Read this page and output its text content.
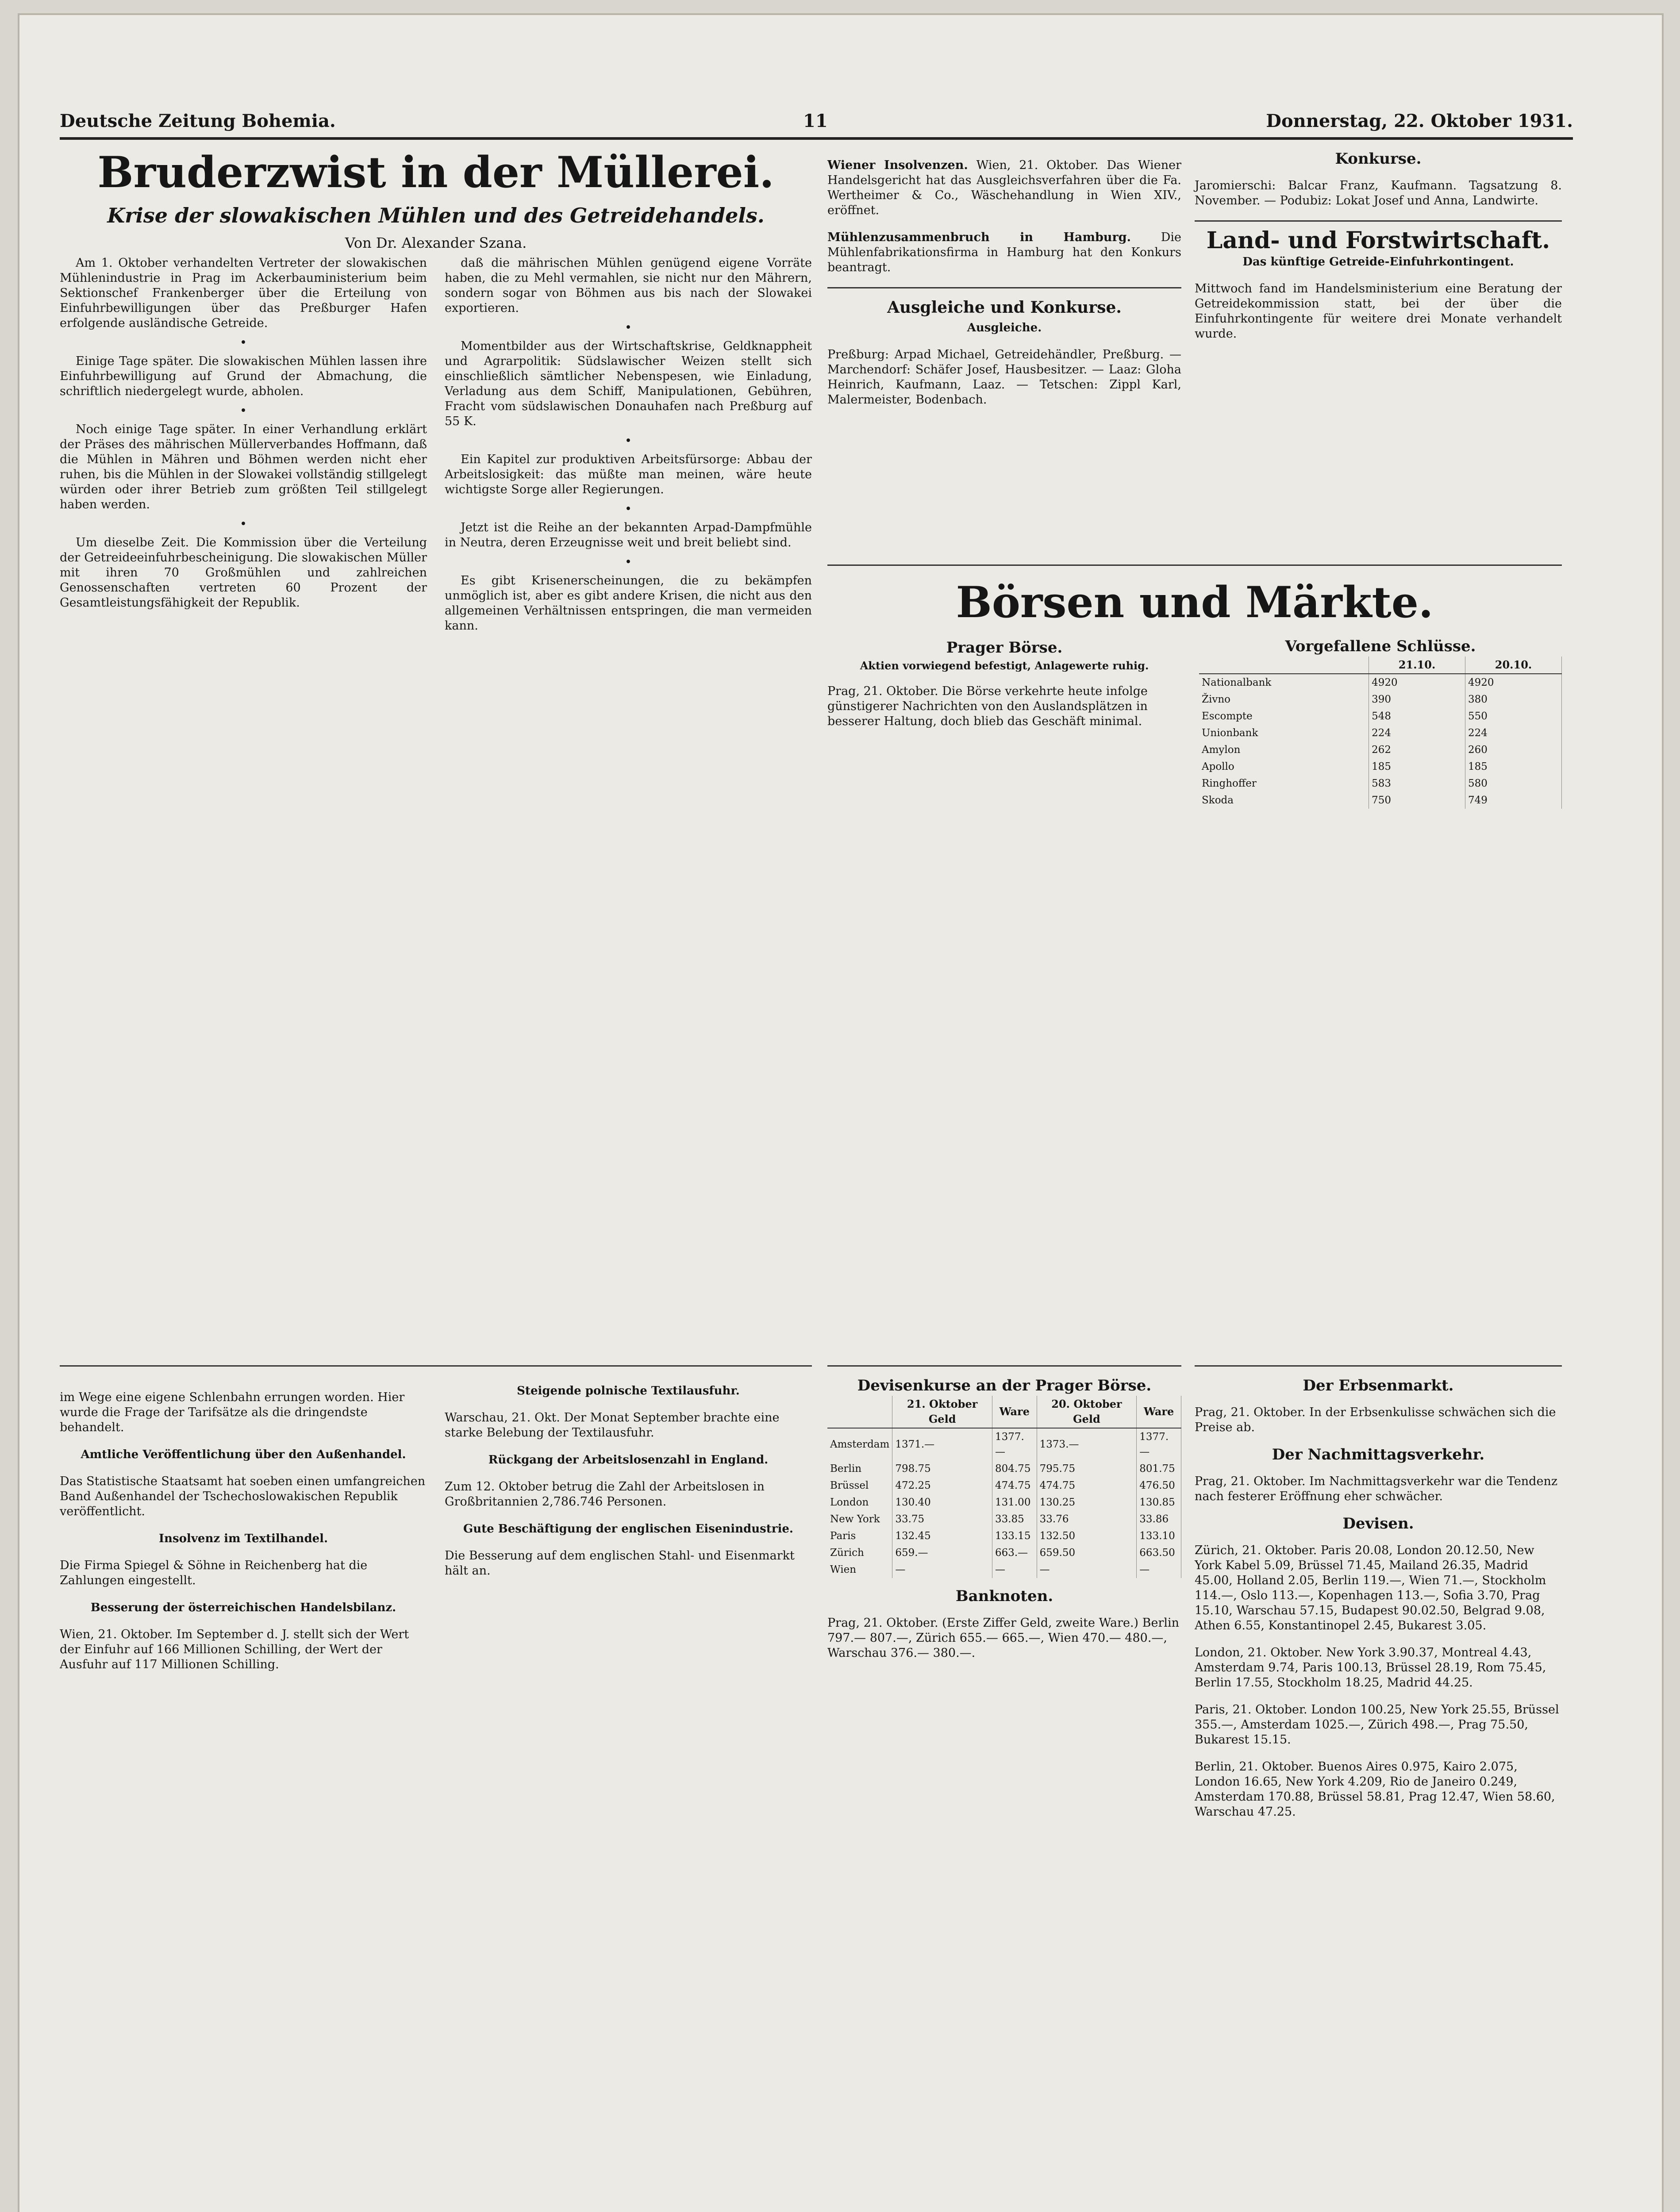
Deutsche Zeitung Bohemia.	11	Donnerstag, 22. Oktober 1931.
Bruderzwist in der Müllerei.
Krise der slowakischen Mühlen und des Getreidehandels.
Von Dr. Alexander Szana.

Am 1. Oktober verhandelten Vertreter der slowakischen Mühlenindustrie in Prag im Ackerbauministerium beim Sektionschef Frankenberger über die Erteilung von Einfuhrbewilligungen über das Preßburger Hafen erfolgende ausländische Getreide.

•

Einige Tage später. Die slowakischen Mühlen lassen ihre Einfuhrbewilligung auf Grund der Abmachung, die schriftlich niedergelegt wurde, abholen.

•

Noch einige Tage später. In einer Verhandlung erklärt der Präses des mährischen Müllerverbandes Hoffmann, daß die Mühlen in Mähren und Böhmen werden nicht eher ruhen, bis die Mühlen in der Slowakei vollständig stillgelegt würden oder ihrer Betrieb zum größten Teil stillgelegt haben werden.

•

Um dieselbe Zeit. Die Kommission über die Verteilung der Getreideeinfuhrbescheinigung. Die slowakischen Müller mit ihren 70 Großmühlen und zahlreichen Genossenschaften vertreten 60 Prozent der Gesamtleistungsfähigkeit der Republik.

daß die mährischen Mühlen genügend eigene Vorräte haben, die zu Mehl vermahlen, sie nicht nur den Mährern, sondern sogar von Böhmen aus bis nach der Slowakei exportieren.

•

Momentbilder aus der Wirtschaftskrise, Geldknappheit und Agrarpolitik: Südslawischer Weizen stellt sich einschließlich sämtlicher Nebenspesen, wie Einladung, Verladung aus dem Schiff, Manipulationen, Gebühren, Fracht vom südslawischen Donauhafen nach Preßburg auf 55 K.

•

Ein Kapitel zur produktiven Arbeitsfürsorge: Abbau der Arbeitslosigkeit: das müßte man meinen, wäre heute wichtigste Sorge aller Regierungen.

•

Jetzt ist die Reihe an der bekannten Arpad-Dampfmühle in Neutra, deren Erzeugnisse weit und breit beliebt sind.

•

Es gibt Krisenerscheinungen, die zu bekämpfen unmöglich ist, aber es gibt andere Krisen, die nicht aus den allgemeinen Verhältnissen entspringen, die man vermeiden kann.

Wiener Insolvenzen. Wien, 21. Oktober. Das Wiener Handelsgericht hat das Ausgleichsverfahren über die Fa. Wertheimer & Co., Wäschehandlung in Wien XIV., eröffnet.

Mühlenzusammenbruch in Hamburg.	Die Mühlenfabrikationsfirma in Hamburg hat den Konkurs beantragt.

Ausgleiche und Konkurse.
Ausgleiche.

Preßburg: Arpad Michael, Getreidehändler, Preßburg. — Marchendorf: Schäfer Josef, Hausbesitzer. — Laaz: Gloha Heinrich, Kaufmann, Laaz. — Tetschen: Zippl Karl, Malermeister, Bodenbach.

Konkurse.

Jaromierschi: Balcar Franz, Kaufmann. Tagsatzung 8. November. — Podubiz: Lokat Josef und Anna, Landwirte.

Land- und Forstwirtschaft.
Das künftige Getreide-Einfuhrkontingent.

Mittwoch fand im Handelsministerium eine Beratung der Getreidekommission statt, bei der über die Einfuhrkontingente für weitere drei Monate verhandelt wurde.

Börsen und Märkte.
Prager Börse.
Aktien vorwiegend befestigt, Anlagewerte ruhig.

Prag, 21. Oktober. Die Börse verkehrte heute infolge günstigerer Nachrichten von den Auslandsplätzen in besserer Haltung, doch blieb das Geschäft minimal.

Vorgefallene Schlüsse.
	21.10.	20.10.
Nationalbank	4920	4920
Živno	390	380
Escompte	548	550
Unionbank	224	224
Amylon	262	260
Apollo	185	185
Ringhoffer	583	580
Skoda	750	749

im Wege eine eigene Schlenbahn errungen worden. Hier wurde die Frage der Tarifsätze als die dringendste behandelt.

Amtliche Veröffentlichung über den Außenhandel.

Das Statistische Staatsamt hat soeben einen umfangreichen Band Außenhandel der Tschechoslowakischen Republik veröffentlicht.

Insolvenz im Textilhandel.

Die Firma Spiegel & Söhne in Reichenberg hat die Zahlungen eingestellt.

Besserung der österreichischen Handelsbilanz.

Wien, 21. Oktober. Im September d. J. stellt sich der Wert der Einfuhr auf 166 Millionen Schilling, der Wert der Ausfuhr auf 117 Millionen Schilling.

Steigende polnische Textilausfuhr.

Warschau, 21. Okt. Der Monat September brachte eine starke Belebung der Textilausfuhr.

Rückgang der Arbeitslosenzahl in England.

Zum 12. Oktober betrug die Zahl der Arbeitslosen in Großbritannien 2,786.746 Personen.

Gute Beschäftigung der englischen Eisenindustrie.

Die Besserung auf dem englischen Stahl- und Eisenmarkt hält an.

Devisenkurse an der Prager Börse.
	21. Oktober Geld	Ware	20. Oktober Geld	Ware
Amsterdam	1371.—	1377.—	1373.—	1377.—
Berlin	798.75	804.75	795.75	801.75
Brüssel	472.25	474.75	474.75	476.50
London	130.40	131.00	130.25	130.85
New York	33.75	33.85	33.76	33.86
Paris	132.45	133.15	132.50	133.10
Zürich	659.—	663.—	659.50	663.50
Wien	—	—	—	—
Banknoten.

Prag, 21. Oktober. (Erste Ziffer Geld, zweite Ware.) Berlin 797.— 807.—, Zürich 655.— 665.—, Wien 470.— 480.—, Warschau 376.— 380.—.

Der Erbsenmarkt.

Prag, 21. Oktober. In der Erbsenkulisse schwächen sich die Preise ab.

Der Nachmittagsverkehr.

Prag, 21. Oktober. Im Nachmittagsverkehr war die Tendenz nach festerer Eröffnung eher schwächer.

Devisen.

Zürich, 21. Oktober. Paris 20.08, London 20.12.50, New York Kabel 5.09, Brüssel 71.45, Mailand 26.35, Madrid 45.00, Holland 2.05, Berlin 119.—, Wien 71.—, Stockholm 114.—, Oslo 113.—, Kopenhagen 113.—, Sofia 3.70, Prag 15.10, Warschau 57.15, Budapest 90.02.50, Belgrad 9.08, Athen 6.55, Konstantinopel 2.45, Bukarest 3.05.

London, 21. Oktober. New York 3.90.37, Montreal 4.43, Amsterdam 9.74, Paris 100.13, Brüssel 28.19, Rom 75.45, Berlin 17.55, Stockholm 18.25, Madrid 44.25.

Paris, 21. Oktober. London 100.25, New York 25.55, Brüssel 355.—, Amsterdam 1025.—, Zürich 498.—, Prag 75.50, Bukarest 15.15.

Berlin, 21. Oktober. Buenos Aires 0.975, Kairo 2.075, London 16.65, New York 4.209, Rio de Janeiro 0.249, Amsterdam 170.88, Brüssel 58.81, Prag 12.47, Wien 58.60, Warschau 47.25.
